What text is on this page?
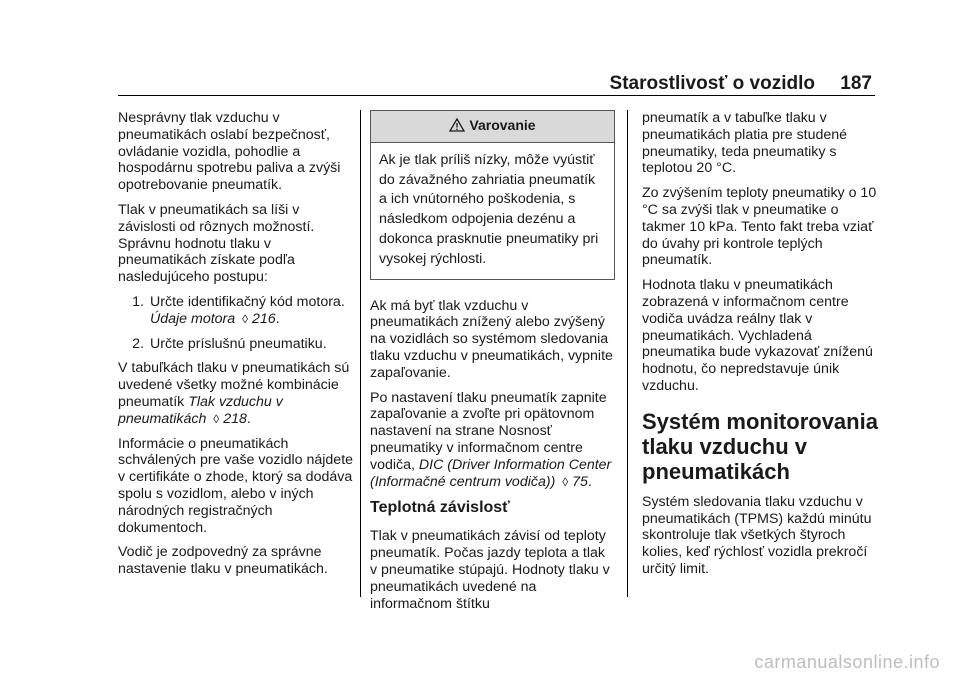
Starostlivosť o vozidlo 187

Nesprávny tlak vzduchu v pneumatikách oslabí bezpečnosť, ovládanie vozidla, pohodlie a hospodárnu spotrebu paliva a zvýši opotrebovanie pneumatík.

Tlak v pneumatikách sa líši v závislosti od rôznych možností. Správnu hodnotu tlaku v pneumatikách získate podľa nasledujúceho postupu:

1. Určte identifikačný kód motora. Údaje motora ◊ 216.
2. Určte príslušnú pneumatiku.

V tabuľkách tlaku v pneumatikách sú uvedené všetky možné kombinácie pneumatík Tlak vzduchu v pneumatikách ◊ 218.

Informácie o pneumatikách schválených pre vaše vozidlo nájdete v certifikáte o zhode, ktorý sa dodáva spolu s vozidlom, alebo v iných národných registračných dokumentoch.

Vodič je zodpovedný za správne nastavenie tlaku v pneumatikách.

Varovanie
Ak je tlak príliš nízky, môže vyústiť do závažného zahriatia pneumatík a ich vnútorného poškodenia, s následkom odpojenia dezénu a dokonca prasknutie pneumatiky pri vysokej rýchlosti.

Ak má byť tlak vzduchu v pneumatikách znížený alebo zvýšený na vozidlách so systémom sledovania tlaku vzduchu v pneumatikách, vypnite zapaľovanie.

Po nastavení tlaku pneumatík zapnite zapaľovanie a zvoľte pri opätovnom nastavení na strane Nosnosť pneumatiky v informačnom centre vodiča, DIC (Driver Information Center (Informačné centrum vodiča)) ◊ 75.

Teplotná závislosť

Tlak v pneumatikách závisí od teploty pneumatík. Počas jazdy teplota a tlak v pneumatike stúpajú. Hodnoty tlaku v pneumatikách uvedené na informačnom štítku

pneumatík a v tabuľke tlaku v pneumatikách platia pre studené pneumatiky, teda pneumatiky s teplotou 20 °C.

Zo zvýšením teploty pneumatiky o 10 °C sa zvýši tlak v pneumatike o takmer 10 kPa. Tento fakt treba vziať do úvahy pri kontrole teplých pneumatík.

Hodnota tlaku v pneumatikách zobrazená v informačnom centre vodiča uvádza reálny tlak v pneumatikách. Vychladená pneumatika bude vykazovať zníženú hodnotu, čo nepredstavuje únik vzduchu.

Systém monitorovania tlaku vzduchu v pneumatikách

Systém sledovania tlaku vzduchu v pneumatikách (TPMS) každú minútu skontroluje tlak všetkých štyroch kolies, keď rýchlosť vozidla prekročí určitý limit.

carmanualsonline.info
